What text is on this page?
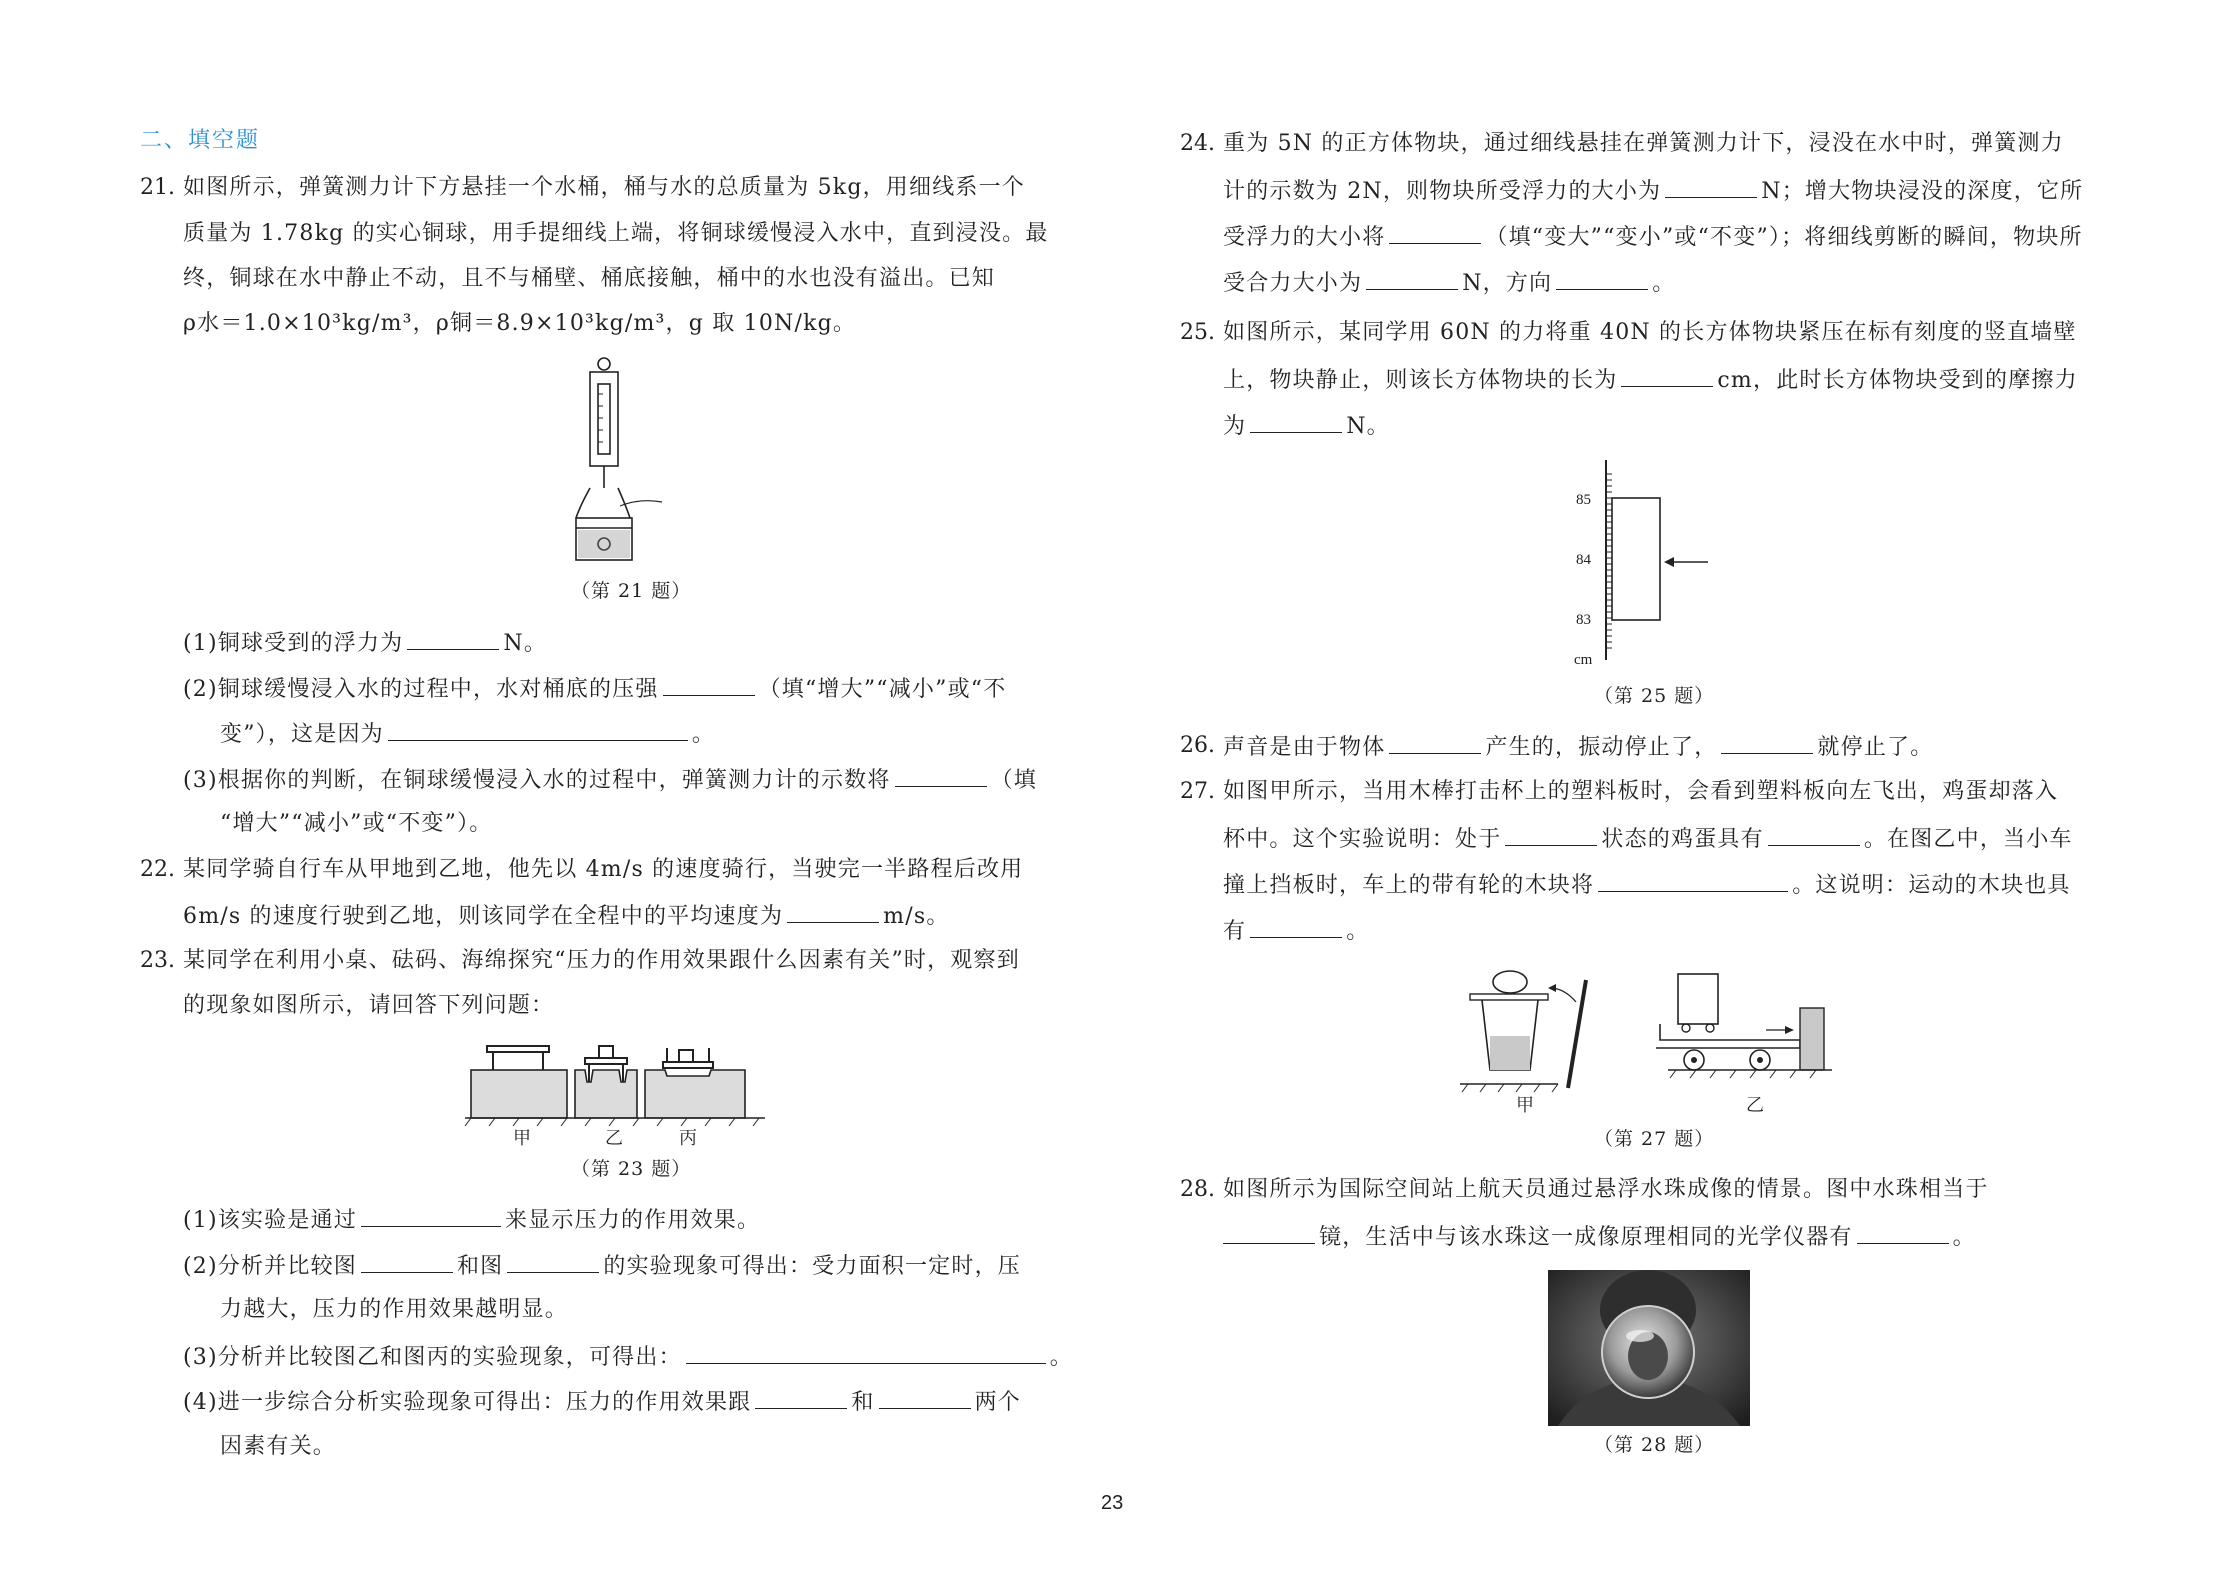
二、填空题
21. 如图所示，弹簧测力计下方悬挂一个水桶，桶与水的总质量为 5kg，用细线系一个
质量为 1.78kg 的实心铜球，用手提细线上端，将铜球缓慢浸入水中，直到浸没。最
终，铜球在水中静止不动，且不与桶壁、桶底接触，桶中的水也没有溢出。已知
ρ水＝1.0×10³kg/m³，ρ铜＝8.9×10³kg/m³，g 取 10N/kg。
（第 21 题）
(1)铜球受到的浮力为	N。
(2)铜球缓慢浸入水的过程中，水对桶底的压强	（填“增大”“减小”或“不
变”），这是因为	。
(3)根据你的判断，在铜球缓慢浸入水的过程中，弹簧测力计的示数将	（填
“增大”“减小”或“不变”）。
22. 某同学骑自行车从甲地到乙地，他先以 4m/s 的速度骑行，当驶完一半路程后改用
6m/s 的速度行驶到乙地，则该同学在全程中的平均速度为	m/s。
23. 某同学在利用小桌、砝码、海绵探究“压力的作用效果跟什么因素有关”时，观察到
的现象如图所示，请回答下列问题：
甲	乙	丙
（第 23 题）
(1)该实验是通过	来显示压力的作用效果。
(2)分析并比较图	和图	的实验现象可得出：受力面积一定时，压
力越大，压力的作用效果越明显。
(3)分析并比较图乙和图丙的实验现象，可得出：	。
(4)进一步综合分析实验现象可得出：压力的作用效果跟	和	两个
因素有关。
24. 重为 5N 的正方体物块，通过细线悬挂在弹簧测力计下，浸没在水中时，弹簧测力
计的示数为 2N，则物块所受浮力的大小为	N；增大物块浸没的深度，它所
受浮力的大小将	（填“变大”“变小”或“不变”）；将细线剪断的瞬间，物块所
受合力大小为	N，方向	。
25. 如图所示，某同学用 60N 的力将重 40N 的长方体物块紧压在标有刻度的竖直墙壁
上，物块静止，则该长方体物块的长为	cm，此时长方体物块受到的摩擦力
为	N。
85
84
83
cm
（第 25 题）
26. 声音是由于物体	产生的，振动停止了，	就停止了。
27. 如图甲所示，当用木棒打击杯上的塑料板时，会看到塑料板向左飞出，鸡蛋却落入
杯中。这个实验说明：处于	状态的鸡蛋具有	。在图乙中，当小车
撞上挡板时，车上的带有轮的木块将	。这说明：运动的木块也具
有	。
甲	乙
（第 27 题）
28. 如图所示为国际空间站上航天员通过悬浮水珠成像的情景。图中水珠相当于
镜，生活中与该水珠这一成像原理相同的光学仪器有	。
（第 28 题）
23
